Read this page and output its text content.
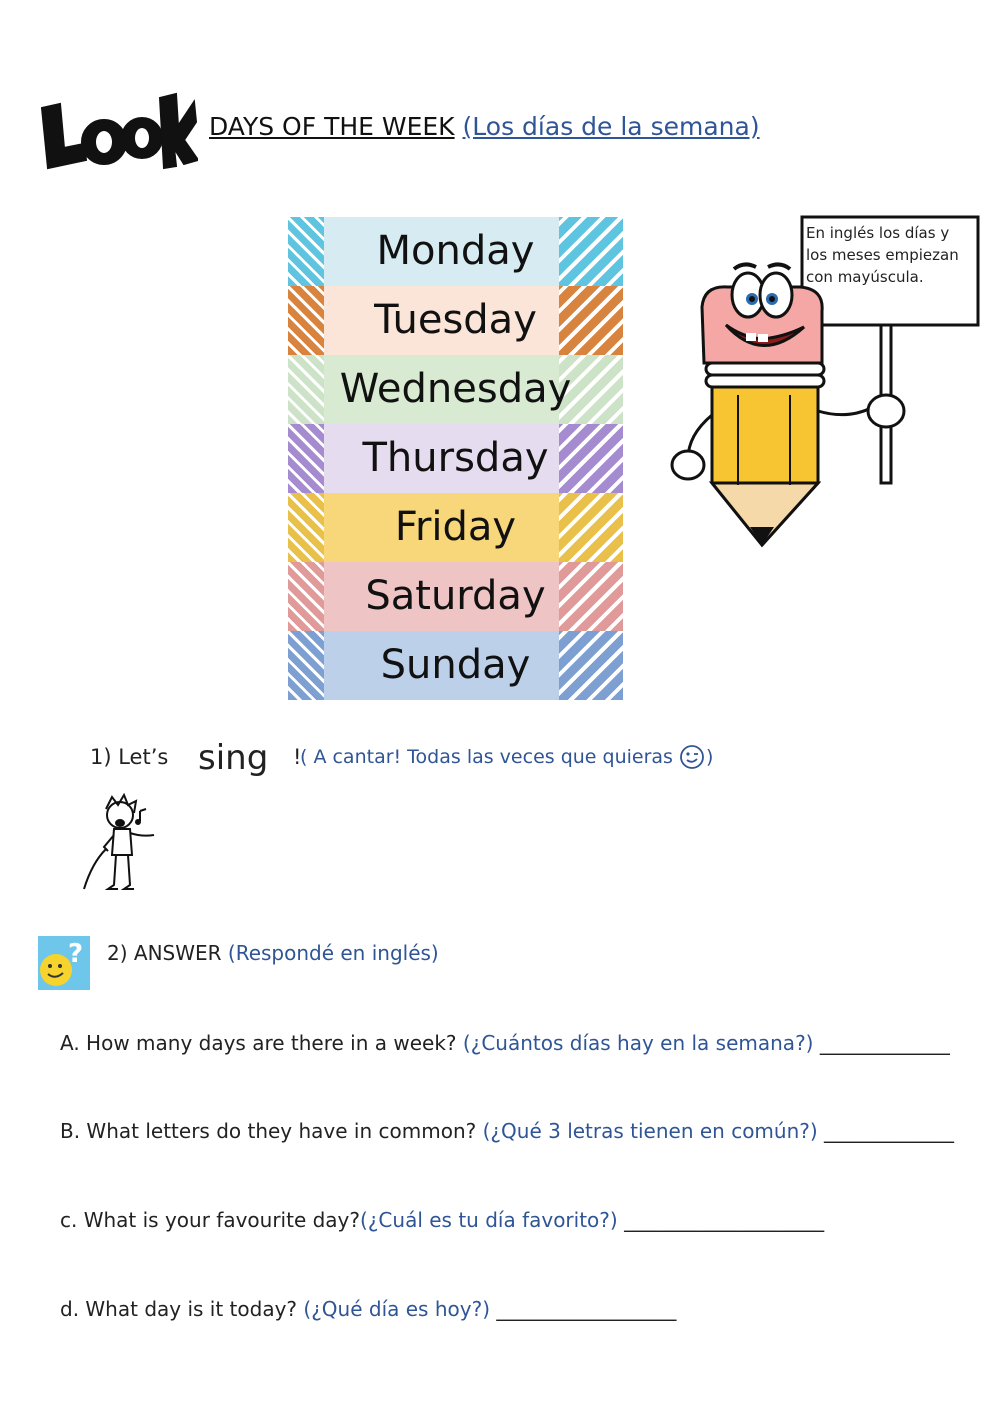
DAYS OF THE WEEK (Los días de la semana)
Monday
Tuesday
Wednesday
Thursday
Friday
Saturday
Sunday
En inglés los días y los meses empiezan con mayúscula.
1) Let’s sing !
( A cantar! Todas las veces que quieras )
? 2) ANSWER (Respondé en inglés)
A. How many days are there in a week? (¿Cuántos días hay en la semana?) _____________
B. What letters do they have in common? (¿Qué 3 letras tienen en común?) _____________
c. What is your favourite day?(¿Cuál es tu día favorito?) ____________________
d. What day is it today? (¿Qué día es hoy?) __________________
